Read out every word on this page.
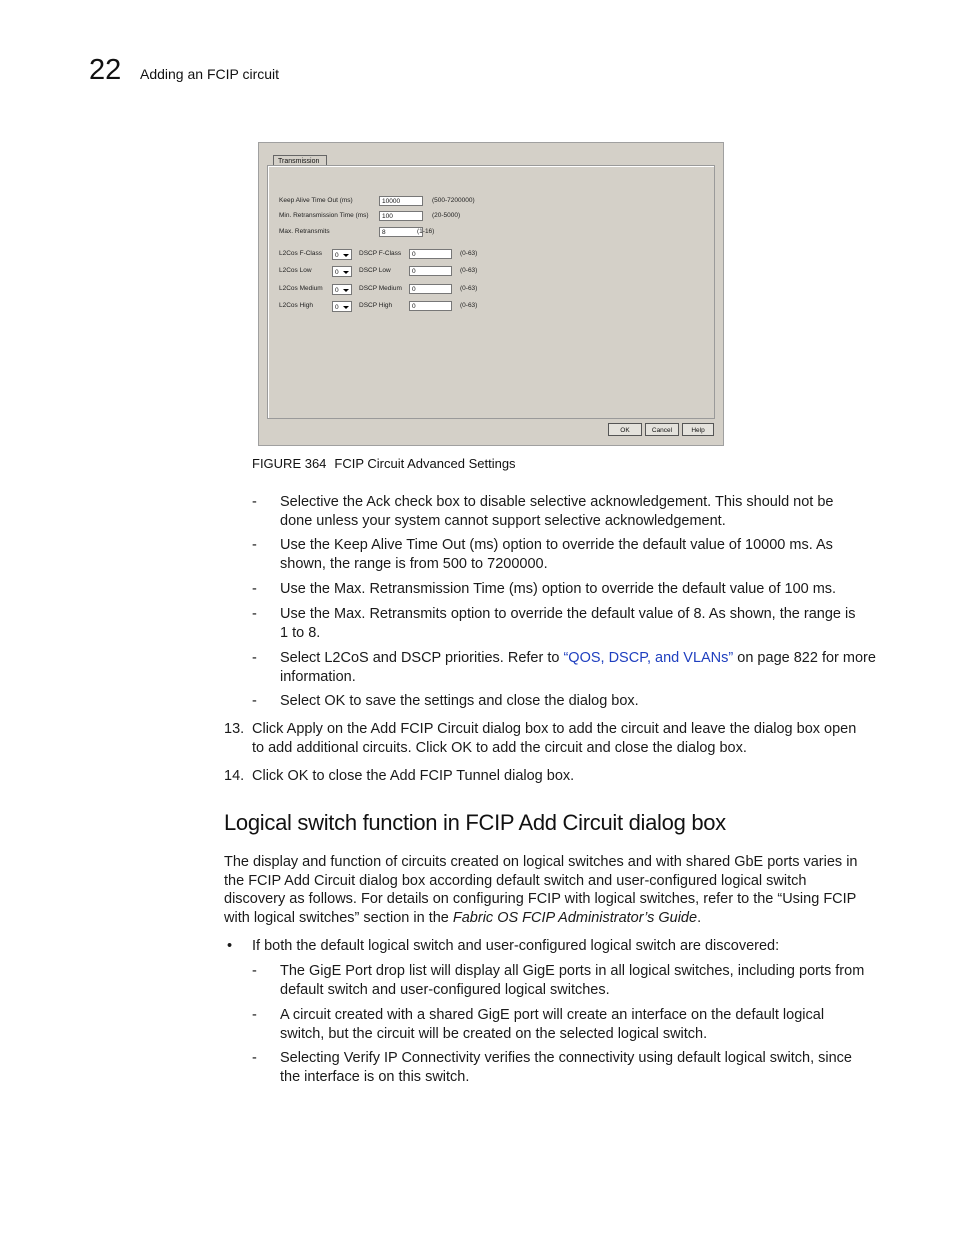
22 Adding an FCIP circuit
Transmission
Keep Alive Time Out (ms)	10000	(500-7200000)
Min. Retransmission Time (ms)	100	(20-5000)
Max. Retransmits	8	(1-16)
L2Cos F-Class	0	DSCP F-Class	0	(0-63)
L2Cos Low	0	DSCP Low	0	(0-63)
L2Cos Medium	0	DSCP Medium	0	(0-63)
L2Cos High	0	DSCP High	0	(0-63)
OK	Cancel	Help
FIGURE 364 FCIP Circuit Advanced Settings
- Selective the Ack check box to disable selective acknowledgement. This should not be
done unless your system cannot support selective acknowledgement.
- Use the Keep Alive Time Out (ms) option to override the default value of 10000 ms. As
shown, the range is from 500 to 7200000.
- Use the Max. Retransmission Time (ms) option to override the default value of 100 ms.
- Use the Max. Retransmits option to override the default value of 8. As shown, the range is
1 to 8.
- Select L2CoS and DSCP priorities. Refer to “QOS, DSCP, and VLANs” on page 822 for more
information.
- Select OK to save the settings and close the dialog box.
13. Click Apply on the Add FCIP Circuit dialog box to add the circuit and leave the dialog box open
to add additional circuits. Click OK to add the circuit and close the dialog box.
14. Click OK to close the Add FCIP Tunnel dialog box.
Logical switch function in FCIP Add Circuit dialog box
The display and function of circuits created on logical switches and with shared GbE ports varies in
the FCIP Add Circuit dialog box according default switch and user-configured logical switch
discovery as follows. For details on configuring FCIP with logical switches, refer to the “Using FCIP
with logical switches” section in the Fabric OS FCIP Administrator’s Guide.
• If both the default logical switch and user-configured logical switch are discovered:
- The GigE Port drop list will display all GigE ports in all logical switches, including ports from
default switch and user-configured logical switches.
- A circuit created with a shared GigE port will create an interface on the default logical
switch, but the circuit will be created on the selected logical switch.
- Selecting Verify IP Connectivity verifies the connectivity using default logical switch, since
the interface is on this switch.
